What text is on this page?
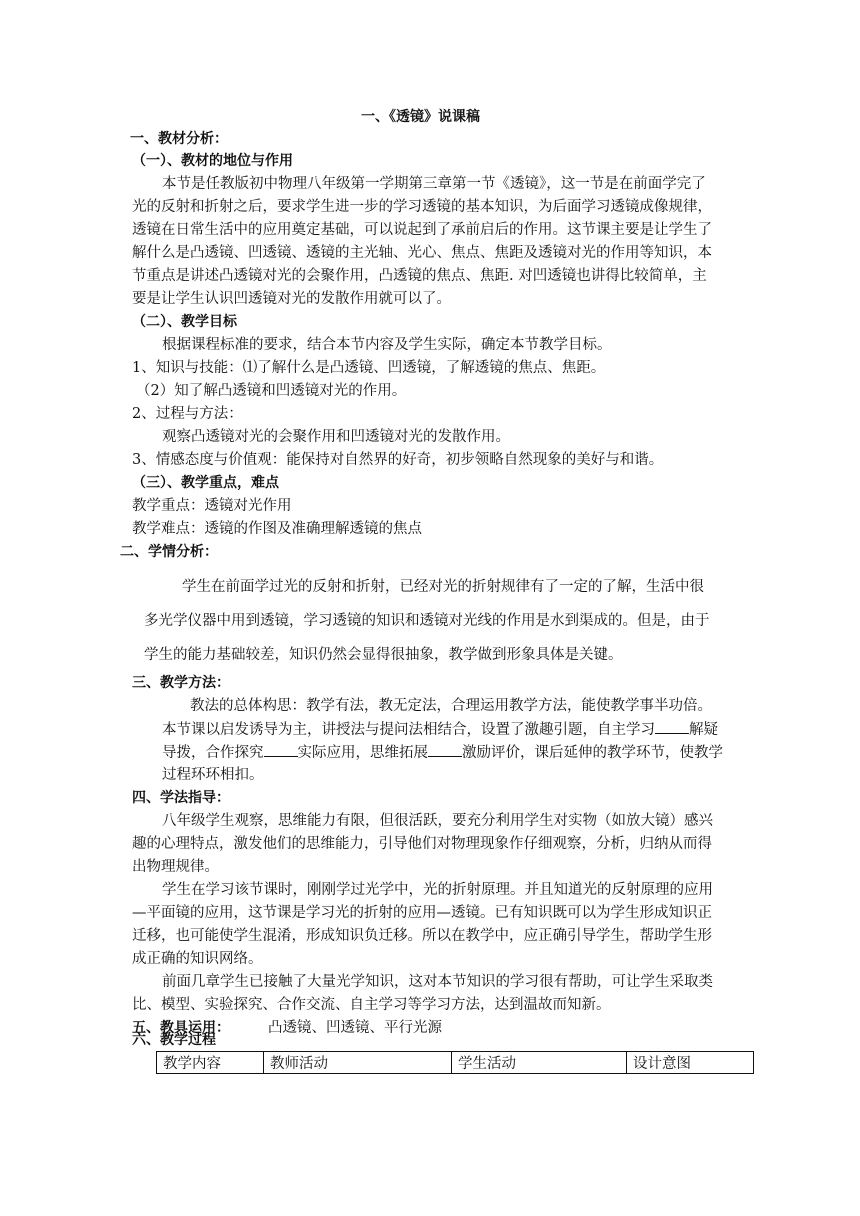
一、《透镜》说课稿
一、教材分析：
（一）、教材的地位与作用
本节是任教版初中物理八年级第一学期第三章第一节《透镜》，这一节是在前面学完了
光的反射和折射之后，要求学生进一步的学习透镜的基本知识，为后面学习透镜成像规律，
透镜在日常生活中的应用奠定基础，可以说起到了承前启后的作用。这节课主要是让学生了
解什么是凸透镜、凹透镜、透镜的主光轴、光心、焦点、焦距及透镜对光的作用等知识，本
节重点是讲述凸透镜对光的会聚作用，凸透镜的焦点、焦距. 对凹透镜也讲得比较简单，主
要是让学生认识凹透镜对光的发散作用就可以了。
（二）、教学目标
根据课程标准的要求，结合本节内容及学生实际，确定本节教学目标。
1、知识与技能：⑴了解什么是凸透镜、凹透镜，了解透镜的焦点、焦距。
（2）知了解凸透镜和凹透镜对光的作用。
2、过程与方法：
观察凸透镜对光的会聚作用和凹透镜对光的发散作用。
3、情感态度与价值观：能保持对自然界的好奇，初步领略自然现象的美好与和谐。
（三）、教学重点，难点
教学重点：透镜对光作用
教学难点：透镜的作图及准确理解透镜的焦点
二、学情分析：
学生在前面学过光的反射和折射，已经对光的折射规律有了一定的了解，生活中很
多光学仪器中用到透镜，学习透镜的知识和透镜对光线的作用是水到渠成的。但是，由于
学生的能力基础较差，知识仍然会显得很抽象，教学做到形象具体是关键。
三、教学方法：
教法的总体构思：教学有法，教无定法，合理运用教学方法，能使教学事半功倍。
本节课以启发诱导为主，讲授法与提问法相结合，设置了激趣引题，自主学习 解疑
导拨，合作探究 实际应用，思维拓展 激励评价，课后延伸的教学环节，使教学
过程环环相扣。
四、学法指导：
八年级学生观察，思维能力有限，但很活跃，要充分利用学生对实物（如放大镜）感兴
趣的心理特点，激发他们的思维能力，引导他们对物理现象作仔细观察，分析，归纳从而得
出物理规律。
学生在学习该节课时，刚刚学过光学中，光的折射原理。并且知道光的反射原理的应用
—平面镜的应用，这节课是学习光的折射的应用—透镜。已有知识既可以为学生形成知识正
迁移，也可能使学生混淆，形成知识负迁移。所以在教学中，应正确引导学生，帮助学生形
成正确的知识网络。
前面几章学生已接触了大量光学知识，这对本节知识的学习很有帮助，可让学生采取类
比、模型、实验探究、合作交流、自主学习等学习方法，达到温故而知新。
五、教具运用：	凸透镜、凹透镜、平行光源
六、教学过程
教学内容	教师活动	学生活动	设计意图
